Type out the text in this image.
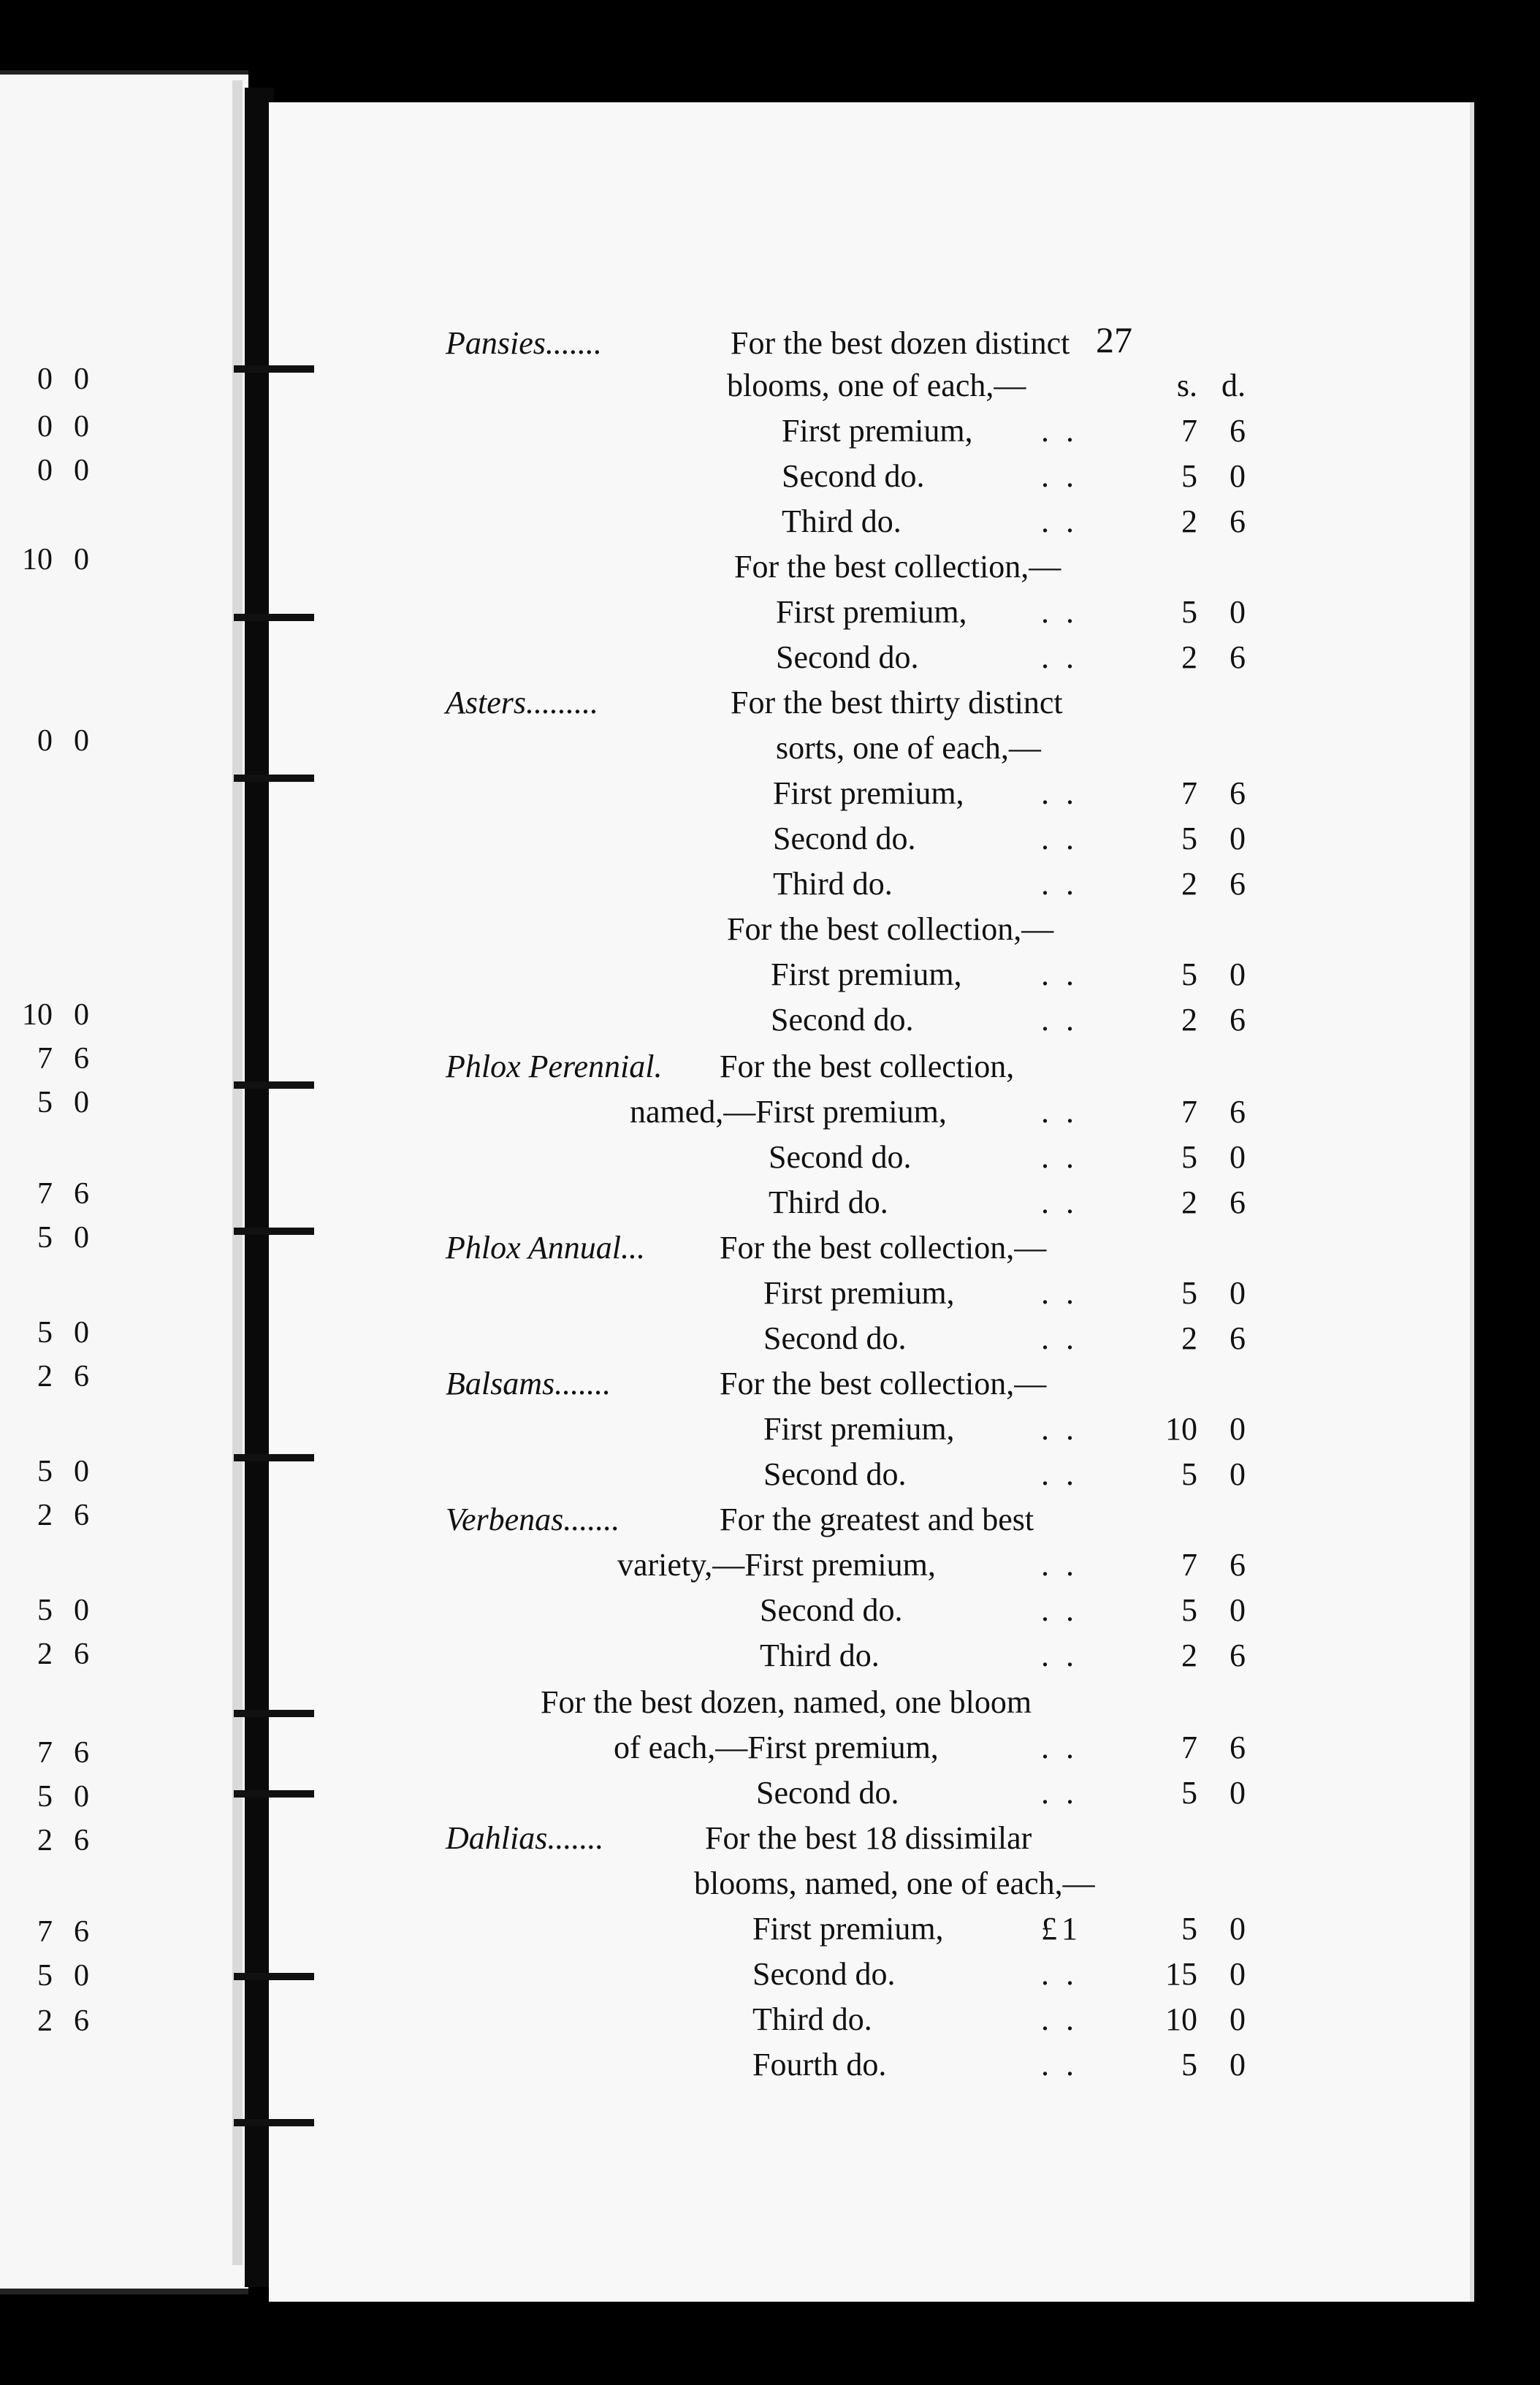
0 0
0 0
0 0
10 0
0 0
10 0
7 6
5 0
7 6
5 0
5 0
2 6
5 0
2 6
5 0
2 6
7 6
5 0
2 6
7 6
5 0
2 6
27
Pansies.......	For the best dozen distinct
blooms, one of each,—	s. d.
First premium, . .	7 6
Second do.	. .	5 0
Third do.	. .	2 6
For the best collection,—
First premium, . .	5 0
Second do.	. .	2 6
Asters.........	For the best thirty distinct
sorts, one of each,—
First premium, . .	7 6
Second do.	. .	5 0
Third do.	. .	2 6
For the best collection,—
First premium, . .	5 0
Second do.	. .	2 6
Phlox Perennial. For the best collection,
named,—First premium,	. .	7 6
Second do.	. .	5 0
Third do.	. .	2 6
Phlox Annual... For the best collection,—
First premium,	. .	5 0
Second do.	. .	2 6
Balsams.......	For the best collection,—
First premium,	. .	10 0
Second do.	. .	5 0
Verbenas.......	For the greatest and best
variety,—First premium,	. .	7 6
Second do.	. .	5 0
Third do.	. .	2 6
For the best dozen, named, one bloom
of each,—First premium,	. .	7 6
Second do.	. .	5 0
Dahlias.......	For the best 18 dissimilar
blooms, named, one of each,—
First premium,	£1	5 0
Second do.	. .	15 0
Third do.	. .	10 0
Fourth do.	. .	5 0
